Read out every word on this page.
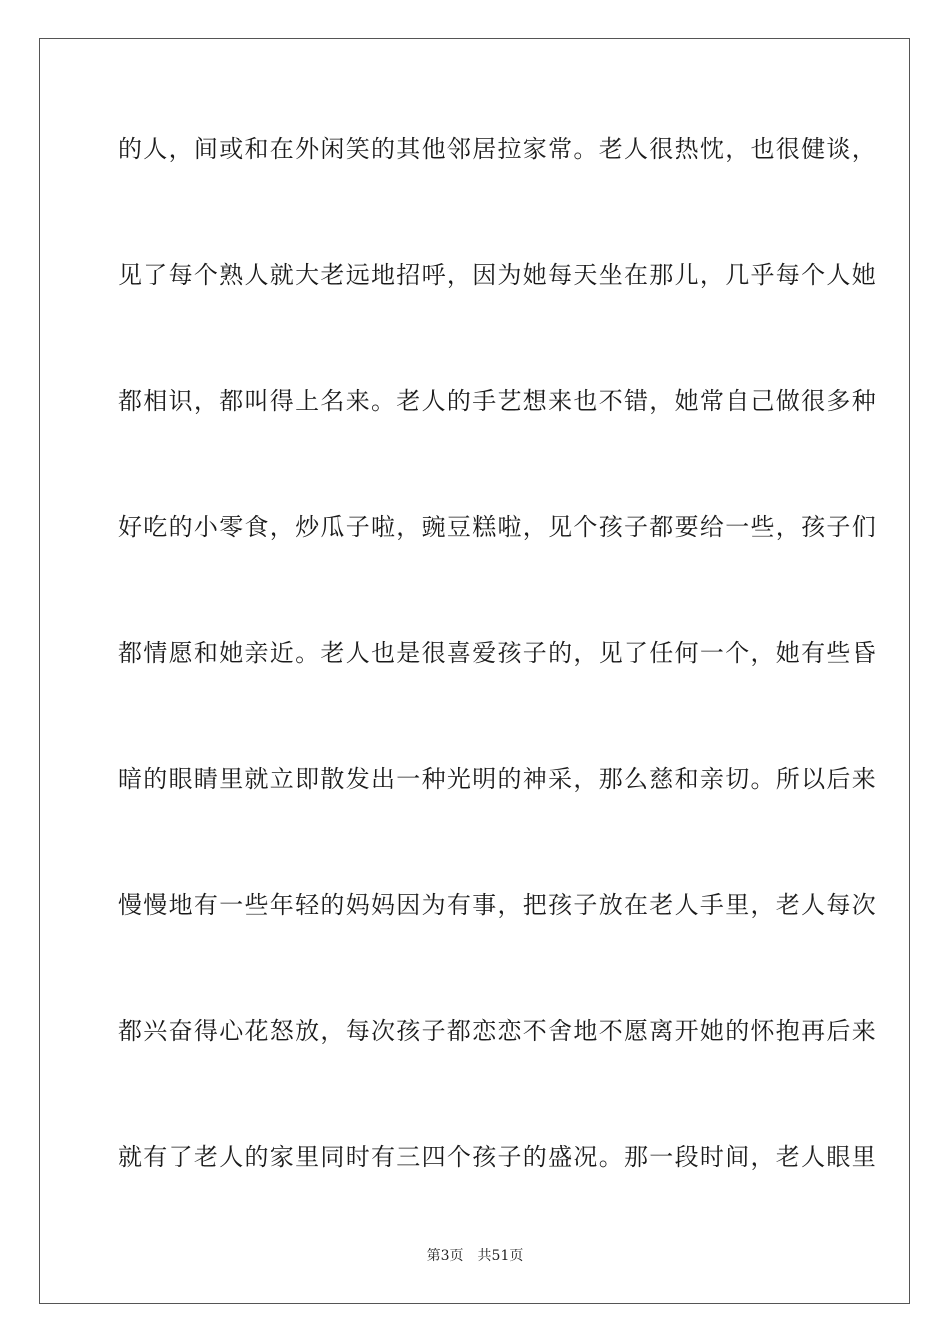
的人，间或和在外闲笑的其他邻居拉家常。老人很热忱，也很健谈，
见了每个熟人就大老远地招呼，因为她每天坐在那儿，几乎每个人她
都相识，都叫得上名来。老人的手艺想来也不错，她常自己做很多种
好吃的小零食，炒瓜子啦，豌豆糕啦，见个孩子都要给一些，孩子们
都情愿和她亲近。老人也是很喜爱孩子的，见了任何一个，她有些昏
暗的眼睛里就立即散发出一种光明的神采，那么慈和亲切。所以后来
慢慢地有一些年轻的妈妈因为有事，把孩子放在老人手里，老人每次
都兴奋得心花怒放，每次孩子都恋恋不舍地不愿离开她的怀抱再后来
就有了老人的家里同时有三四个孩子的盛况。那一段时间，老人眼里
第3页 共51页
